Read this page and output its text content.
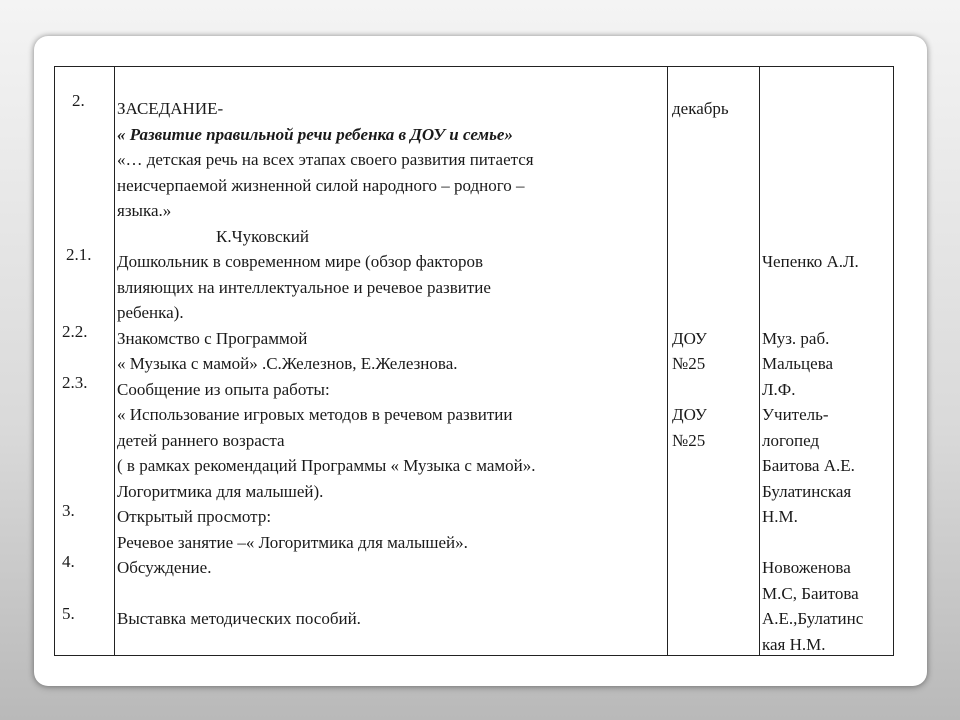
2.
2.1.
2.2.
2.3.
3.
4.
5.
ЗАСЕДАНИЕ-
« Развитие правильной речи ребенка в ДОУ и семье»
«… детская речь на всех этапах своего развития питается
неисчерпаемой жизненной силой народного – родного –
языка.»
К.Чуковский
Дошкольник в современном мире (обзор факторов
влияющих на интеллектуальное и речевое развитие
ребенка).
Знакомство с Программой
« Музыка с мамой» .С.Железнов, Е.Железнова.
Сообщение из опыта работы:
« Использование игровых методов в речевом развитии
детей раннего возраста
( в рамках рекомендаций Программы « Музыка с мамой».
Логоритмика для малышей).
Открытый просмотр:
Речевое занятие –« Логоритмика для малышей».
Обсуждение.
Выставка методических пособий.
декабрь
ДОУ
№25
ДОУ
№25
Чепенко А.Л.
Муз. раб.
Мальцева
Л.Ф.
Учитель-
логопед
Баитова А.Е.
Булатинская
Н.М.
Новоженова
М.С, Баитова
А.Е.,Булатинс
кая Н.М.
